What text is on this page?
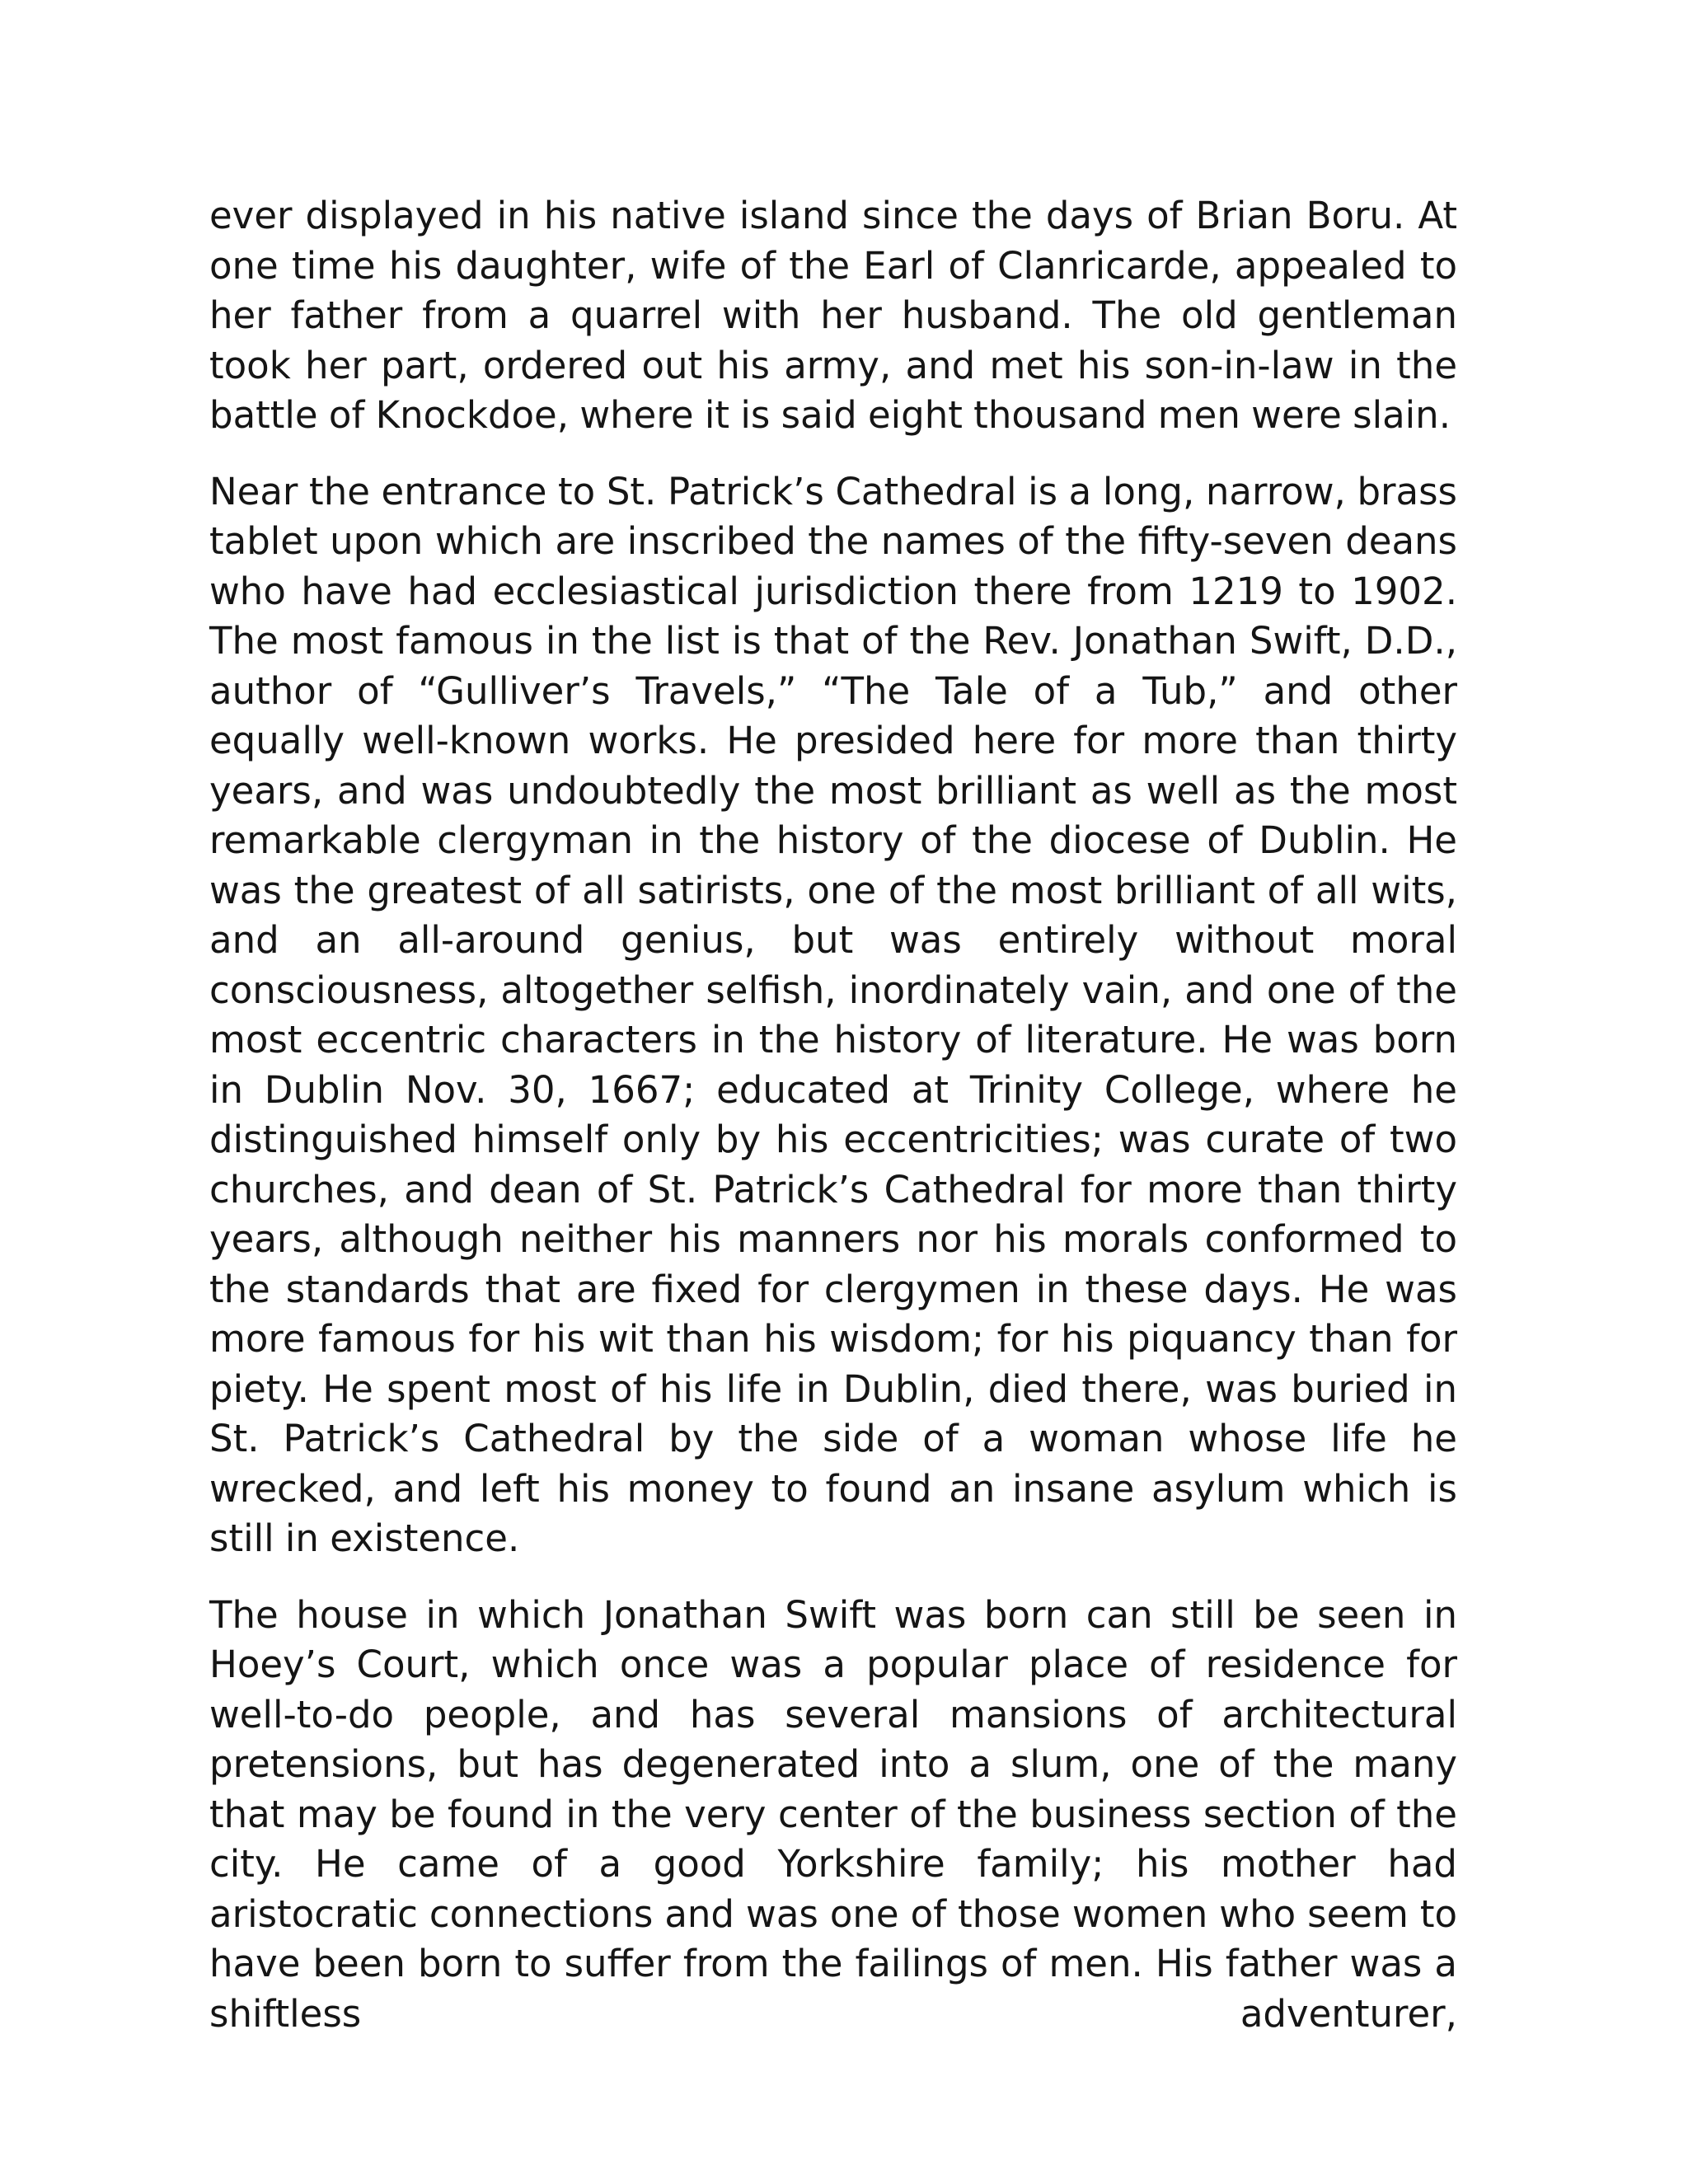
ever displayed in his native island since the days of Brian Boru. At one time his daughter, wife of the Earl of Clanricarde, appealed to her father from a quarrel with her husband. The old gentleman took her part, ordered out his army, and met his son-in-law in the battle of Knockdoe, where it is said eight thousand men were slain.

Near the entrance to St. Patrick’s Cathedral is a long, narrow, brass tablet upon which are inscribed the names of the fifty-seven deans who have had ecclesiastical jurisdiction there from 1219 to 1902. The most famous in the list is that of the Rev. Jonathan Swift, D.D., author of “Gulliver’s Travels,” “The Tale of a Tub,” and other equally well-known works. He presided here for more than thirty years, and was undoubtedly the most brilliant as well as the most remarkable clergyman in the history of the diocese of Dublin. He was the greatest of all satirists, one of the most brilliant of all wits, and an all-around genius, but was entirely without moral consciousness, altogether selfish, inordinately vain, and one of the most eccentric characters in the history of literature. He was born in Dublin Nov. 30, 1667; educated at Trinity College, where he distinguished himself only by his eccentricities; was curate of two churches, and dean of St. Patrick’s Cathedral for more than thirty years, although neither his manners nor his morals conformed to the standards that are fixed for clergymen in these days. He was more famous for his wit than his wisdom; for his piquancy than for piety. He spent most of his life in Dublin, died there, was buried in St. Patrick’s Cathedral by the side of a woman whose life he wrecked, and left his money to found an insane asylum which is still in existence.

The house in which Jonathan Swift was born can still be seen in Hoey’s Court, which once was a popular place of residence for well-to-do people, and has several mansions of architectural pretensions, but has degenerated into a slum, one of the many that may be found in the very center of the business section of the city. He came of a good Yorkshire family; his mother had aristocratic connections and was one of those women who seem to have been born to suffer from the failings of men. His father was a shiftless adventurer,
